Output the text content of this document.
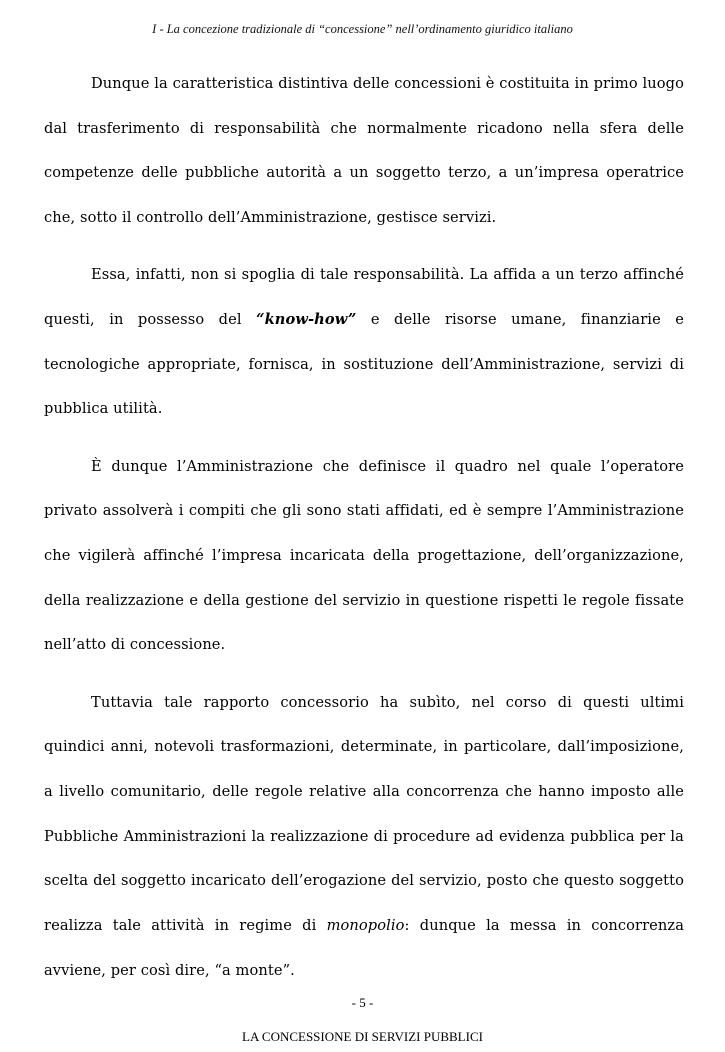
I - La concezione tradizionale di “concessione” nell’ordinamento giuridico italiano

Dunque la caratteristica distintiva delle concessioni è costituita in primo luogo dal trasferimento di responsabilità che normalmente ricadono nella sfera delle competenze delle pubbliche autorità a un soggetto terzo, a un’impresa operatrice che, sotto il controllo dell’Amministrazione, gestisce servizi.

Essa, infatti, non si spoglia di tale responsabilità. La affida a un terzo affinché questi, in possesso del “know-how” e delle risorse umane, finanziarie e tecnologiche appropriate, fornisca, in sostituzione dell’Amministrazione, servizi di pubblica utilità.

È dunque l’Amministrazione che definisce il quadro nel quale l’operatore privato assolverà i compiti che gli sono stati affidati, ed è sempre l’Amministrazione che vigilerà affinché l’impresa incaricata della progettazione, dell’organizzazione, della realizzazione e della gestione del servizio in questione rispetti le regole fissate nell’atto di concessione.

Tuttavia tale rapporto concessorio ha subìto, nel corso di questi ultimi quindici anni, notevoli trasformazioni, determinate, in particolare, dall’imposizione, a livello comunitario, delle regole relative alla concorrenza che hanno imposto alle Pubbliche Amministrazioni la realizzazione di procedure ad evidenza pubblica per la scelta del soggetto incaricato dell’erogazione del servizio, posto che questo soggetto realizza tale attività in regime di monopolio: dunque la messa in concorrenza avviene, per così dire, “a monte”.

- 5 -
LA CONCESSIONE DI SERVIZI PUBBLICI
